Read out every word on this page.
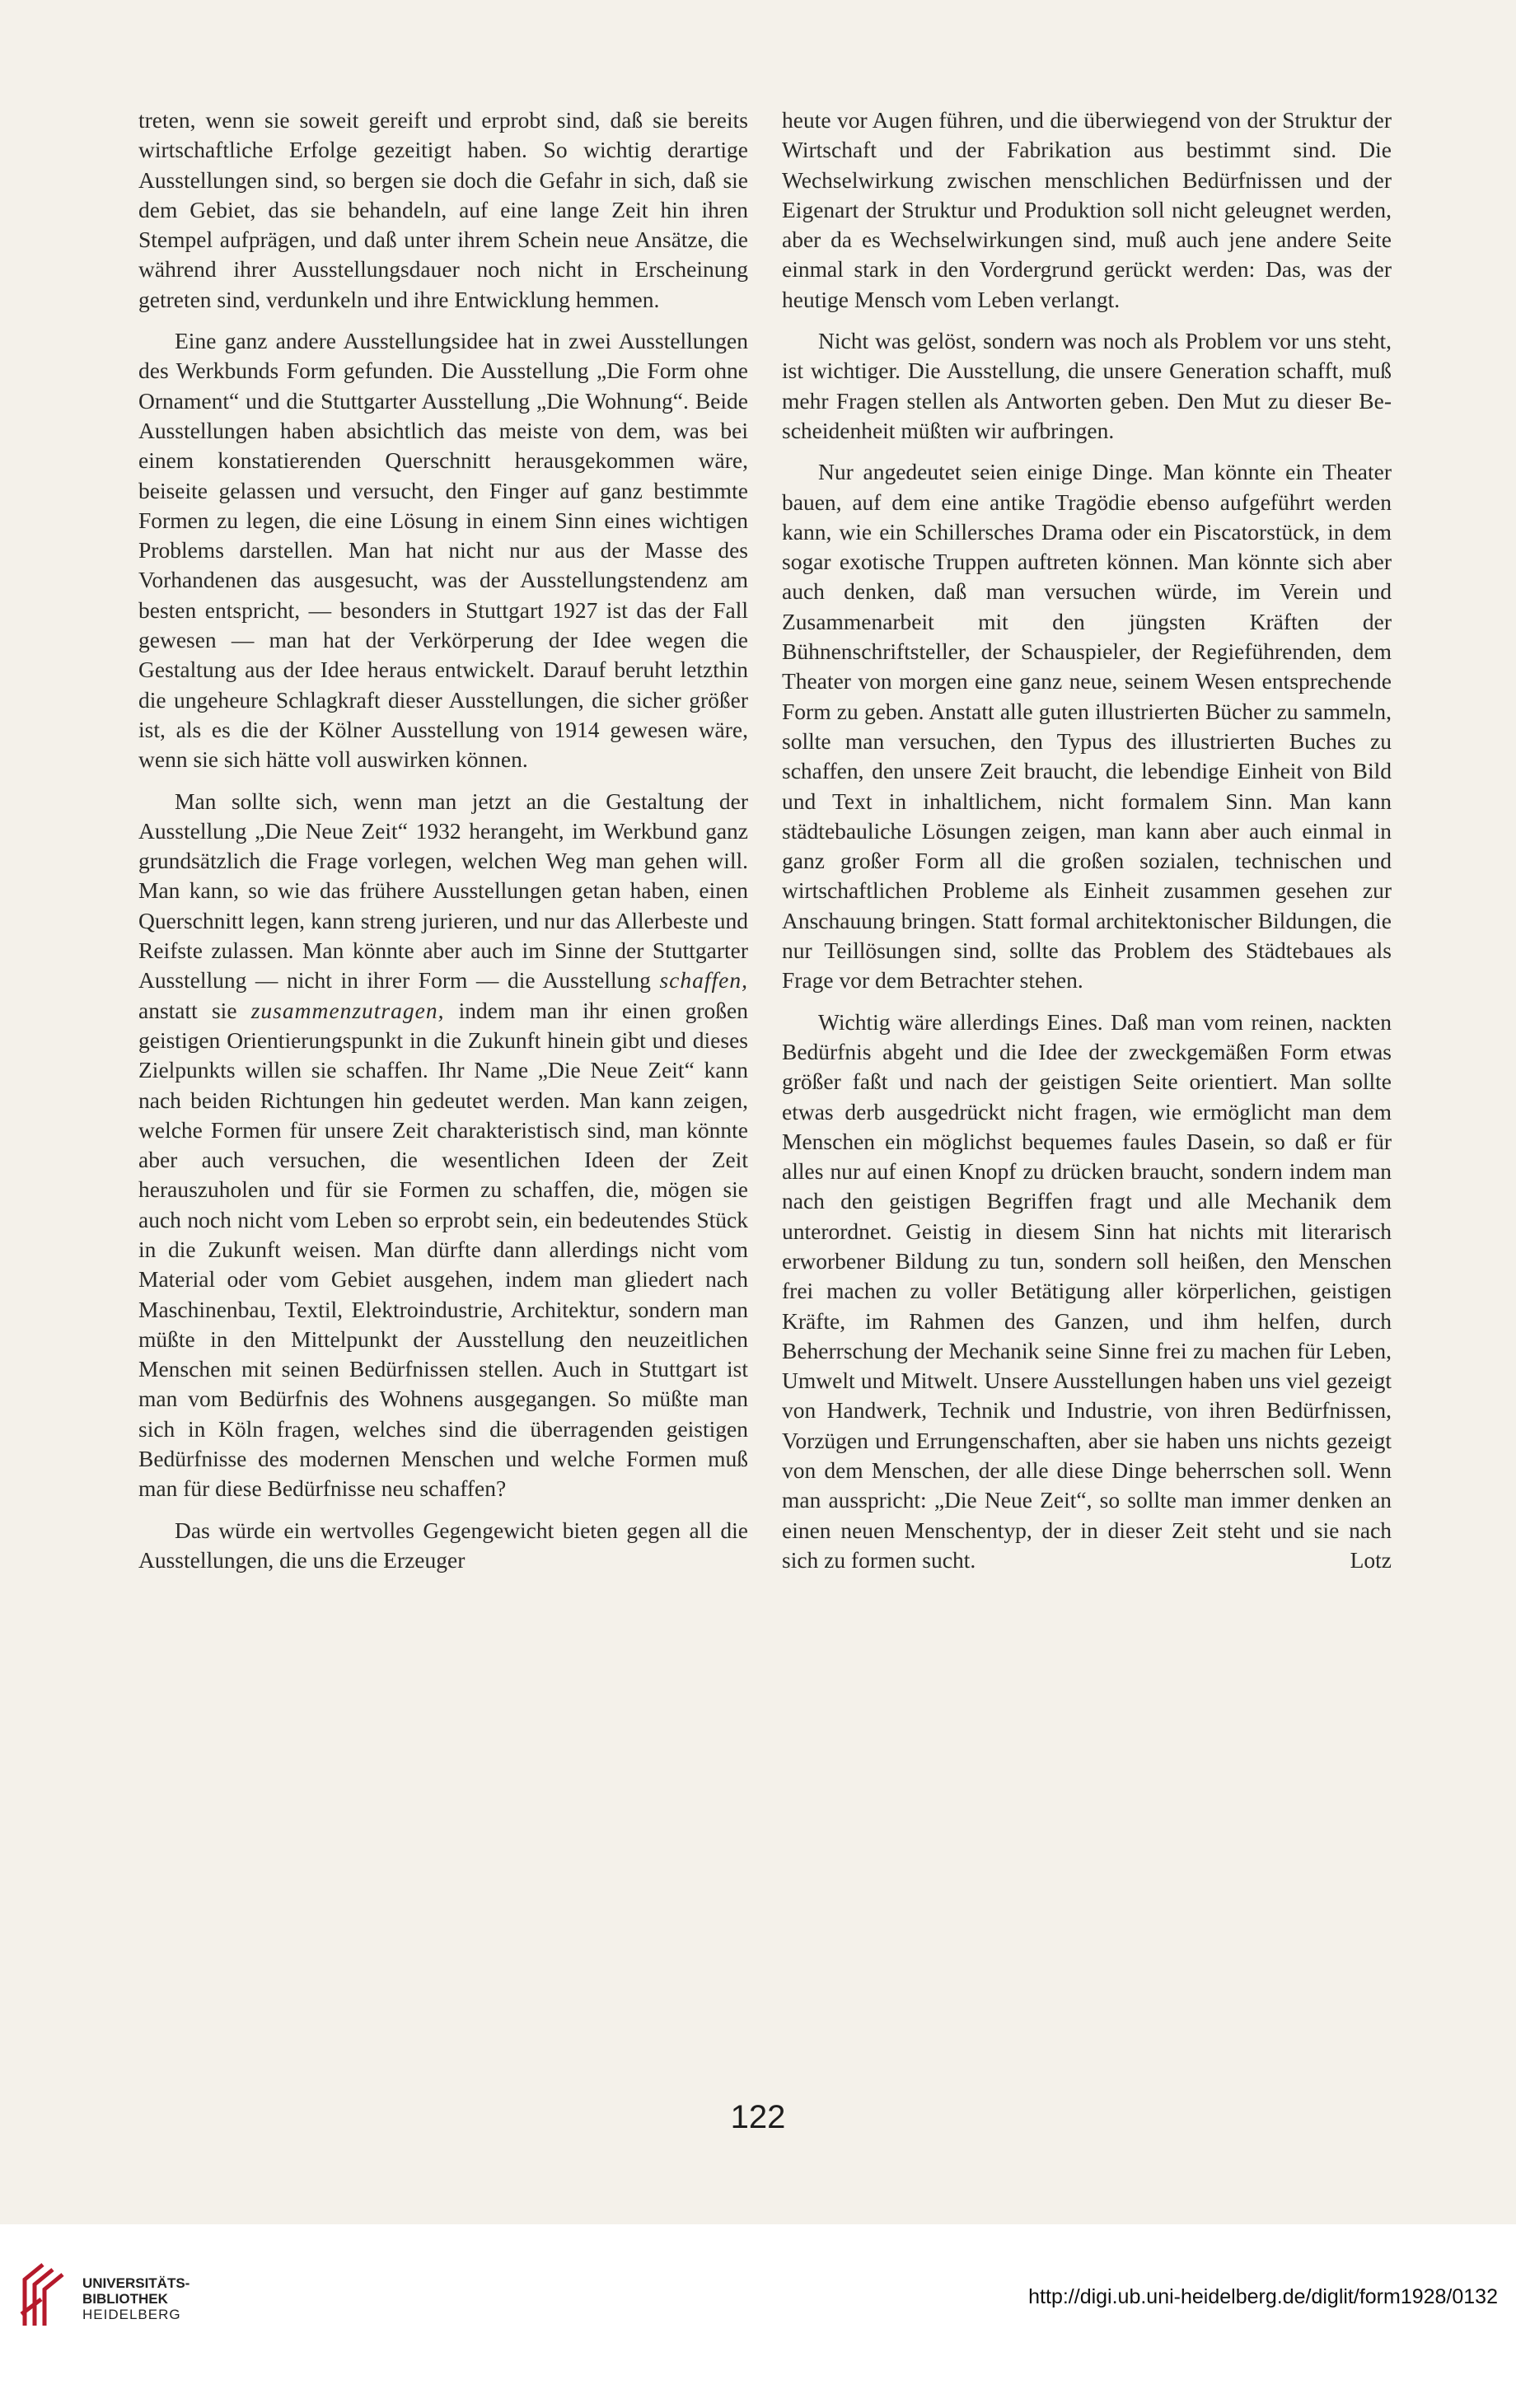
treten, wenn sie soweit gereift und erprobt sind, daß sie bereits wirtschaftliche Erfolge gezeitigt haben. So wichtig derartige Ausstellungen sind, so bergen sie doch die Gefahr in sich, daß sie dem Gebiet, das sie behandeln, auf eine lange Zeit hin ihren Stempel aufprägen, und daß unter ihrem Schein neue Ansätze, die während ihrer Ausstellungsdauer noch nicht in Erscheinung getreten sind, verdunkeln und ihre Entwicklung hemmen.

Eine ganz andere Ausstellungsidee hat in zwei Ausstellungen des Werkbunds Form gefunden. Die Ausstellung „Die Form ohne Ornament“ und die Stuttgarter Ausstellung „Die Wohnung“. Beide Ausstellungen haben absichtlich das meiste von dem, was bei einem konstatierenden Querschnitt herausgekommen wäre, beiseite gelassen und versucht, den Finger auf ganz bestimmte Formen zu legen, die eine Lösung in einem Sinn eines wichtigen Problems darstellen. Man hat nicht nur aus der Masse des Vorhandenen das ausgesucht, was der Ausstellungstendenz am besten entspricht, — besonders in Stuttgart 1927 ist das der Fall gewesen — man hat der Verkörperung der Idee wegen die Gestaltung aus der Idee heraus entwickelt. Darauf beruht letzthin die ungeheure Schlagkraft dieser Ausstellungen, die sicher größer ist, als es die der Kölner Ausstellung von 1914 gewesen wäre, wenn sie sich hätte voll auswirken können.

Man sollte sich, wenn man jetzt an die Gestaltung der Ausstellung „Die Neue Zeit“ 1932 herangeht, im Werkbund ganz grundsätzlich die Frage vorlegen, welchen Weg man gehen will. Man kann, so wie das frühere Ausstellungen getan haben, einen Querschnitt legen, kann streng jurieren, und nur das Allerbeste und Reifste zulassen. Man könnte aber auch im Sinne der Stuttgarter Ausstellung — nicht in ihrer Form — die Ausstellung schaffen, anstatt sie zusammenzutragen, indem man ihr einen großen geistigen Orientierungspunkt in die Zukunft hinein gibt und dieses Zielpunkts willen sie schaffen. Ihr Name „Die Neue Zeit“ kann nach beiden Richtungen hin gedeutet werden. Man kann zeigen, welche Formen für unsere Zeit charakteristisch sind, man könnte aber auch versuchen, die wesentlichen Ideen der Zeit herauszuholen und für sie Formen zu schaffen, die, mögen sie auch noch nicht vom Leben so erprobt sein, ein bedeutendes Stück in die Zukunft weisen. Man dürfte dann allerdings nicht vom Material oder vom Gebiet ausgehen, indem man gliedert nach Maschinenbau, Textil, Elektroindustrie, Architektur, sondern man müßte in den Mittelpunkt der Ausstellung den neuzeitlichen Menschen mit seinen Bedürfnissen stellen. Auch in Stuttgart ist man vom Bedürfnis des Wohnens ausgegangen. So müßte man sich in Köln fragen, welches sind die überragenden geistigen Bedürfnisse des modernen Menschen und welche Formen muß man für diese Bedürfnisse neu schaffen?

Das würde ein wertvolles Gegengewicht bieten gegen all die Ausstellungen, die uns die Erzeuger

heute vor Augen führen, und die überwiegend von der Struktur der Wirtschaft und der Fabrikation aus bestimmt sind. Die Wechselwirkung zwischen menschlichen Bedürfnissen und der Eigenart der Struktur und Produktion soll nicht geleugnet werden, aber da es Wechselwirkungen sind, muß auch jene andere Seite einmal stark in den Vordergrund gerückt werden: Das, was der heutige Mensch vom Leben verlangt.

Nicht was gelöst, sondern was noch als Problem vor uns steht, ist wichtiger. Die Ausstellung, die unsere Generation schafft, muß mehr Fragen stellen als Antworten geben. Den Mut zu dieser Bescheidenheit müßten wir aufbringen.

Nur angedeutet seien einige Dinge. Man könnte ein Theater bauen, auf dem eine antike Tragödie ebenso aufgeführt werden kann, wie ein Schillersches Drama oder ein Piscatorstück, in dem sogar exotische Truppen auftreten können. Man könnte sich aber auch denken, daß man versuchen würde, im Verein und Zusammenarbeit mit den jüngsten Kräften der Bühnenschriftsteller, der Schauspieler, der Regieführenden, dem Theater von morgen eine ganz neue, seinem Wesen entsprechende Form zu geben. Anstatt alle guten illustrierten Bücher zu sammeln, sollte man versuchen, den Typus des illustrierten Buches zu schaffen, den unsere Zeit braucht, die lebendige Einheit von Bild und Text in inhaltlichem, nicht formalem Sinn. Man kann städtebauliche Lösungen zeigen, man kann aber auch einmal in ganz großer Form all die großen sozialen, technischen und wirtschaftlichen Probleme als Einheit zusammen gesehen zur Anschauung bringen. Statt formal architektonischer Bildungen, die nur Teillösungen sind, sollte das Problem des Städtebaues als Frage vor dem Betrachter stehen.

Wichtig wäre allerdings Eines. Daß man vom reinen, nackten Bedürfnis abgeht und die Idee der zweckgemäßen Form etwas größer faßt und nach der geistigen Seite orientiert. Man sollte etwas derb ausgedrückt nicht fragen, wie ermöglicht man dem Menschen ein möglichst bequemes faules Dasein, so daß er für alles nur auf einen Knopf zu drücken braucht, sondern indem man nach den geistigen Begriffen fragt und alle Mechanik dem unterordnet. Geistig in diesem Sinn hat nichts mit literarisch erworbener Bildung zu tun, sondern soll heißen, den Menschen frei machen zu voller Betätigung aller körperlichen, geistigen Kräfte, im Rahmen des Ganzen, und ihm helfen, durch Beherrschung der Mechanik seine Sinne frei zu machen für Leben, Umwelt und Mitwelt. Unsere Ausstellungen haben uns viel gezeigt von Handwerk, Technik und Industrie, von ihren Bedürfnissen, Vorzügen und Errungenschaften, aber sie haben uns nichts gezeigt von dem Menschen, der alle diese Dinge beherrschen soll. Wenn man ausspricht: „Die Neue Zeit“, so sollte man immer denken an einen neuen Menschentyp, der in dieser Zeit steht und sie nach sich zu formen sucht.	Lotz

122
UNIVERSITÄTS-
BIBLIOTHEK
HEIDELBERG
http://digi.ub.uni-heidelberg.de/diglit/form1928/0132
